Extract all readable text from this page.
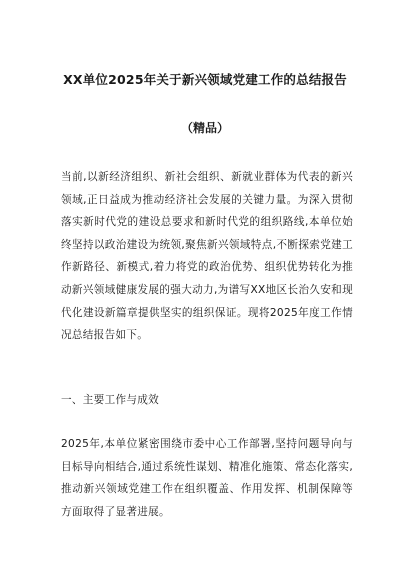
XX单位2025年关于新兴领域党建工作的总结报告
（精品）
当前,以新经济组织、新社会组织、新就业群体为代表的新兴领域,正日益成为推动经济社会发展的关键力量。为深入贯彻落实新时代党的建设总要求和新时代党的组织路线,本单位始终坚持以政治建设为统领,聚焦新兴领域特点,不断探索党建工作新路径、新模式,着力将党的政治优势、组织优势转化为推动新兴领域健康发展的强大动力,为谱写XX地区长治久安和现代化建设新篇章提供坚实的组织保证。现将2025年度工作情况总结报告如下。
一、主要工作与成效
2025年,本单位紧密围绕市委中心工作部署,坚持问题导向与目标导向相结合,通过系统性谋划、精准化施策、常态化落实,推动新兴领域党建工作在组织覆盖、作用发挥、机制保障等方面取得了显著进展。
